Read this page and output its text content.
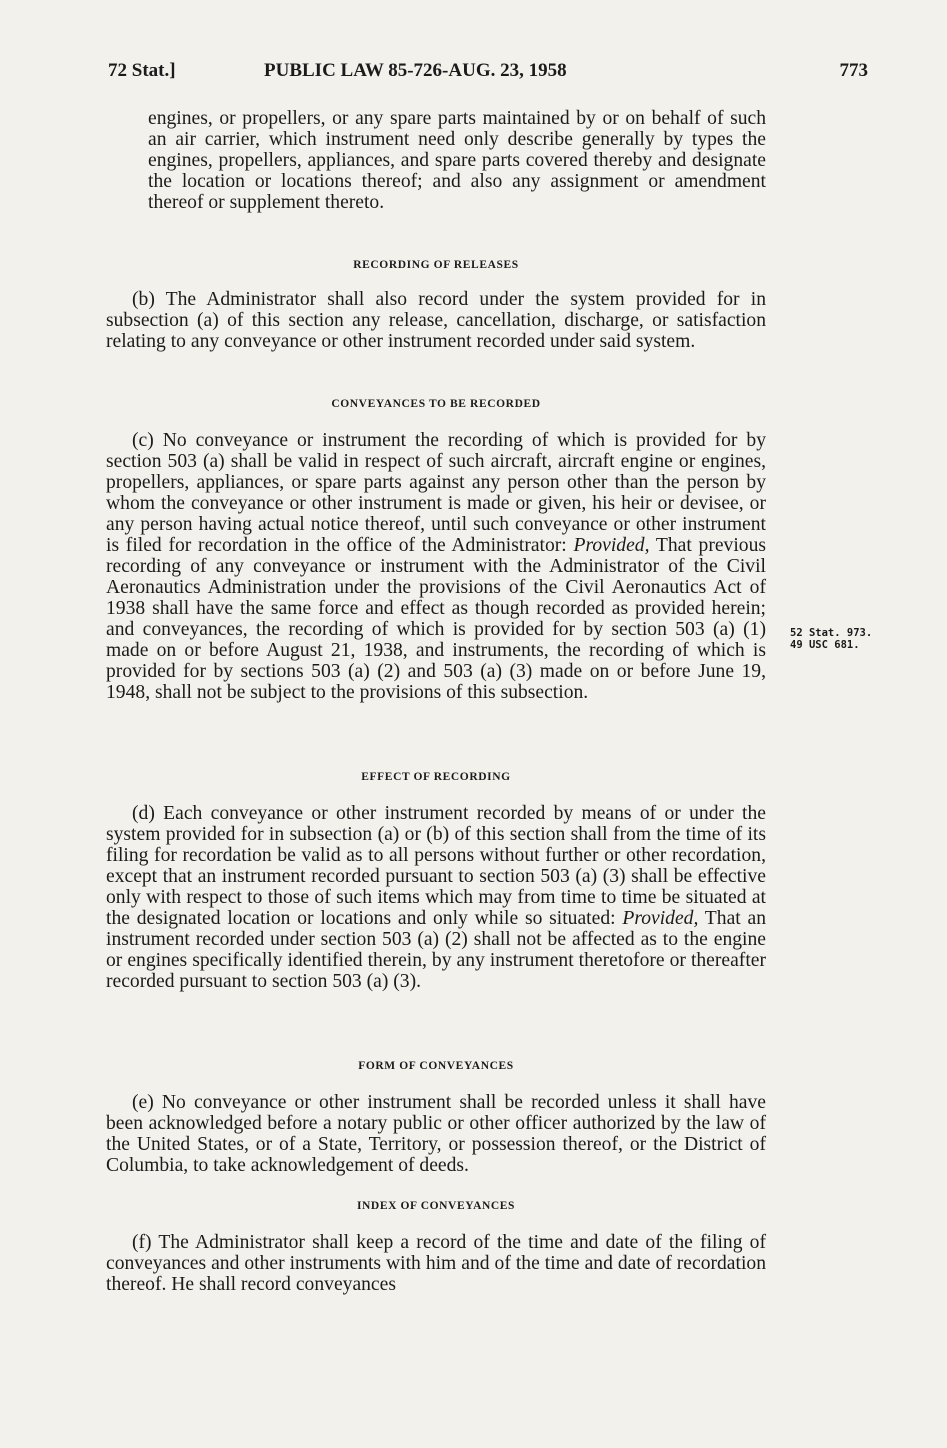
72 Stat.]	PUBLIC LAW 85-726-AUG. 23, 1958	773

engines, or propellers, or any spare parts maintained by or on behalf of such an air carrier, which instrument need only describe generally by types the engines, propellers, appliances, and spare parts covered thereby and designate the location or locations thereof; and also any assignment or amendment thereof or supplement thereto.

RECORDING OF RELEASES

(b) The Administrator shall also record under the system provided for in subsection (a) of this section any release, cancellation, discharge, or satisfaction relating to any conveyance or other instrument recorded under said system.

CONVEYANCES TO BE RECORDED

(c) No conveyance or instrument the recording of which is provided for by section 503 (a) shall be valid in respect of such aircraft, aircraft engine or engines, propellers, appliances, or spare parts against any person other than the person by whom the conveyance or other instrument is made or given, his heir or devisee, or any person having actual notice thereof, until such conveyance or other instrument is filed for recordation in the office of the Administrator: Provided, That previous recording of any conveyance or instrument with the Administrator of the Civil Aeronautics Administration under the provisions of the Civil Aeronautics Act of 1938 shall have the same force and effect as though recorded as provided herein; and conveyances, the recording of which is provided for by section 503 (a) (1) made on or before August 21, 1938, and instruments, the recording of which is provided for by sections 503 (a) (2) and 503 (a) (3) made on or before June 19, 1948, shall not be subject to the provisions of this subsection.

52 Stat. 973.
49 USC 681.

EFFECT OF RECORDING

(d) Each conveyance or other instrument recorded by means of or under the system provided for in subsection (a) or (b) of this section shall from the time of its filing for recordation be valid as to all persons without further or other recordation, except that an instrument recorded pursuant to section 503 (a) (3) shall be effective only with respect to those of such items which may from time to time be situated at the designated location or locations and only while so situated: Provided, That an instrument recorded under section 503 (a) (2) shall not be affected as to the engine or engines specifically identified therein, by any instrument theretofore or thereafter recorded pursuant to section 503 (a) (3).

FORM OF CONVEYANCES

(e) No conveyance or other instrument shall be recorded unless it shall have been acknowledged before a notary public or other officer authorized by the law of the United States, or of a State, Territory, or possession thereof, or the District of Columbia, to take acknowledgement of deeds.

INDEX OF CONVEYANCES

(f) The Administrator shall keep a record of the time and date of the filing of conveyances and other instruments with him and of the time and date of recordation thereof. He shall record conveyances
